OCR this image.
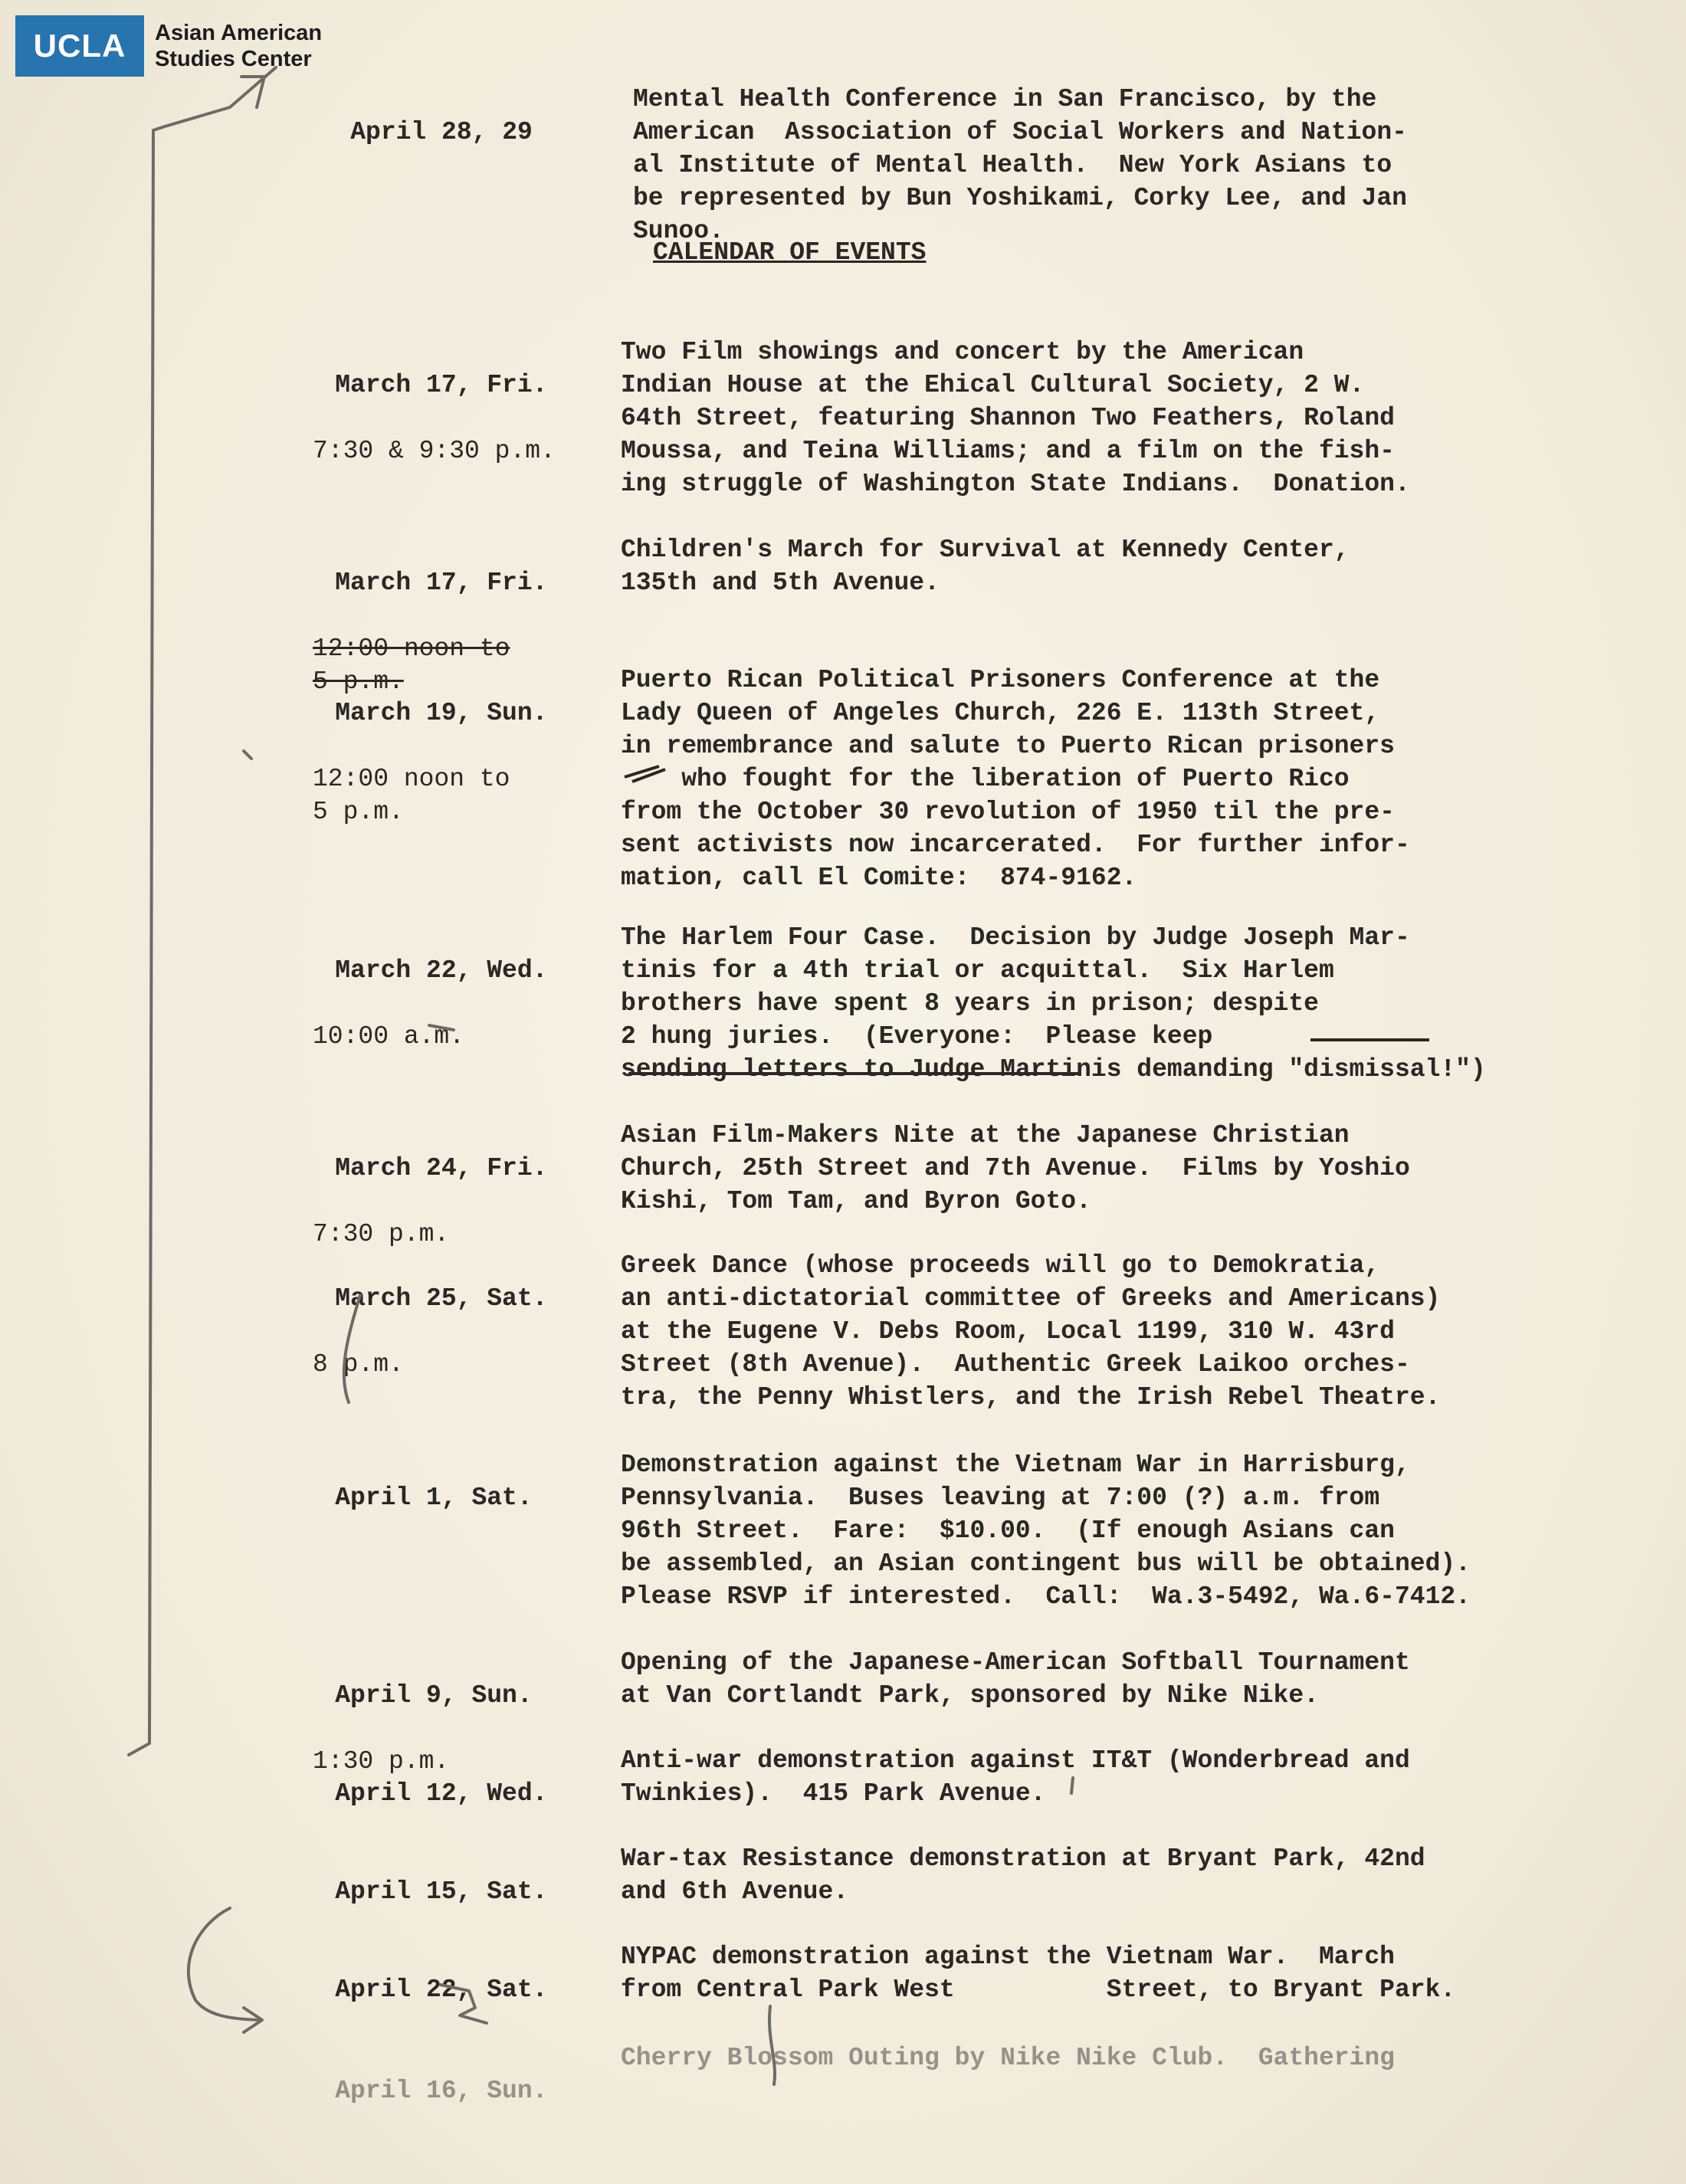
UCLA	Asian American
Studies Center

April 28, 29

Mental Health Conference in San Francisco, by the
American  Association of Social Workers and Nation-
al Institute of Mental Health.  New York Asians to
be represented by Bun Yoshikami, Corky Lee, and Jan
Sunoo.
CALENDAR OF EVENTS

March 17, Fri.

7:30 & 9:30 p.m.

Two Film showings and concert by the American
Indian House at the Ehical Cultural Society, 2 W.
64th Street, featuring Shannon Two Feathers, Roland
Moussa, and Teina Williams; and a film on the fish-
ing struggle of Washington State Indians.  Donation.

March 17, Fri.

12:00 noon to
5 p.m.

Children's March for Survival at Kennedy Center,
135th and 5th Avenue.

March 19, Sun.

12:00 noon to
5 p.m.

Puerto Rican Political Prisoners Conference at the
Lady Queen of Angeles Church, 226 E. 113th Street,
in remembrance and salute to Puerto Rican prisoners
who fought for the liberation of Puerto Rico
from the October 30 revolution of 1950 til the pre-
sent activists now incarcerated.  For further infor-
mation, call El Comite:  874-9162.

March 22, Wed.

10:00 a.m.

The Harlem Four Case.  Decision by Judge Joseph Mar-
tinis for a 4th trial or acquittal.  Six Harlem
brothers have spent 8 years in prison; despite
2 hung juries.  (Everyone:  Please keep
sending letters to Judge Martinis demanding "dismissal!")

March 24, Fri.

7:30 p.m.

Asian Film-Makers Nite at the Japanese Christian
Church, 25th Street and 7th Avenue.  Films by Yoshio
Kishi, Tom Tam, and Byron Goto.

March 25, Sat.

8 p.m.

Greek Dance (whose proceeds will go to Demokratia,
an anti-dictatorial committee of Greeks and Americans)
at the Eugene V. Debs Room, Local 1199, 310 W. 43rd
Street (8th Avenue).  Authentic Greek Laikoo orches-
tra, the Penny Whistlers, and the Irish Rebel Theatre.

April 1, Sat.

Demonstration against the Vietnam War in Harrisburg,
Pennsylvania.  Buses leaving at 7:00 (?) a.m. from
96th Street.  Fare:  $10.00.  (If enough Asians can
be assembled, an Asian contingent bus will be obtained).
Please RSVP if interested.  Call:  Wa.3-5492, Wa.6-7412.

April 9, Sun.

1:30 p.m.

Opening of the Japanese-American Softball Tournament
at Van Cortlandt Park, sponsored by Nike Nike.

April 12, Wed.

Anti-war demonstration against IT&T (Wonderbread and
Twinkies).  415 Park Avenue.

April 15, Sat.

War-tax Resistance demonstration at Bryant Park, 42nd
and 6th Avenue.

April 22, Sat.

NYPAC demonstration against the Vietnam War.  March
from Central Park West          Street, to Bryant Park.

April 16, Sun.

Cherry Blossom Outing by Nike Nike Club.  Gathering
